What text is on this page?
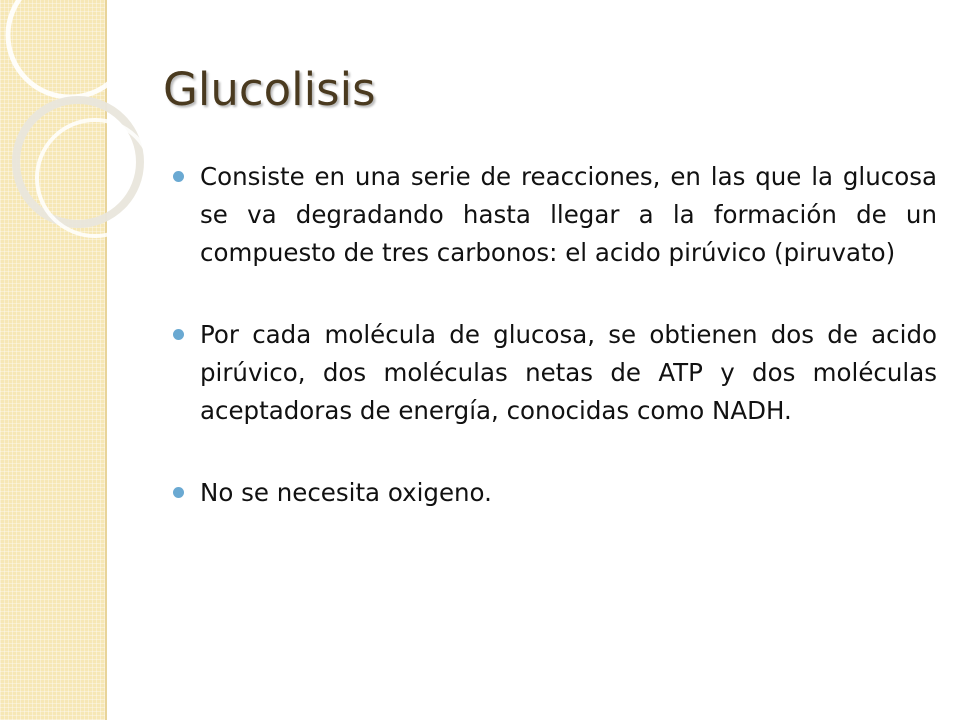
Glucolisis
Consiste en una serie de reacciones, en las que la glucosa se va degradando hasta llegar a la formación de un compuesto de tres carbonos: el acido pirúvico (piruvato)
Por cada molécula de glucosa, se obtienen dos de acido pirúvico, dos moléculas netas de ATP y dos moléculas aceptadoras de energía, conocidas como NADH.
No se necesita oxigeno.
